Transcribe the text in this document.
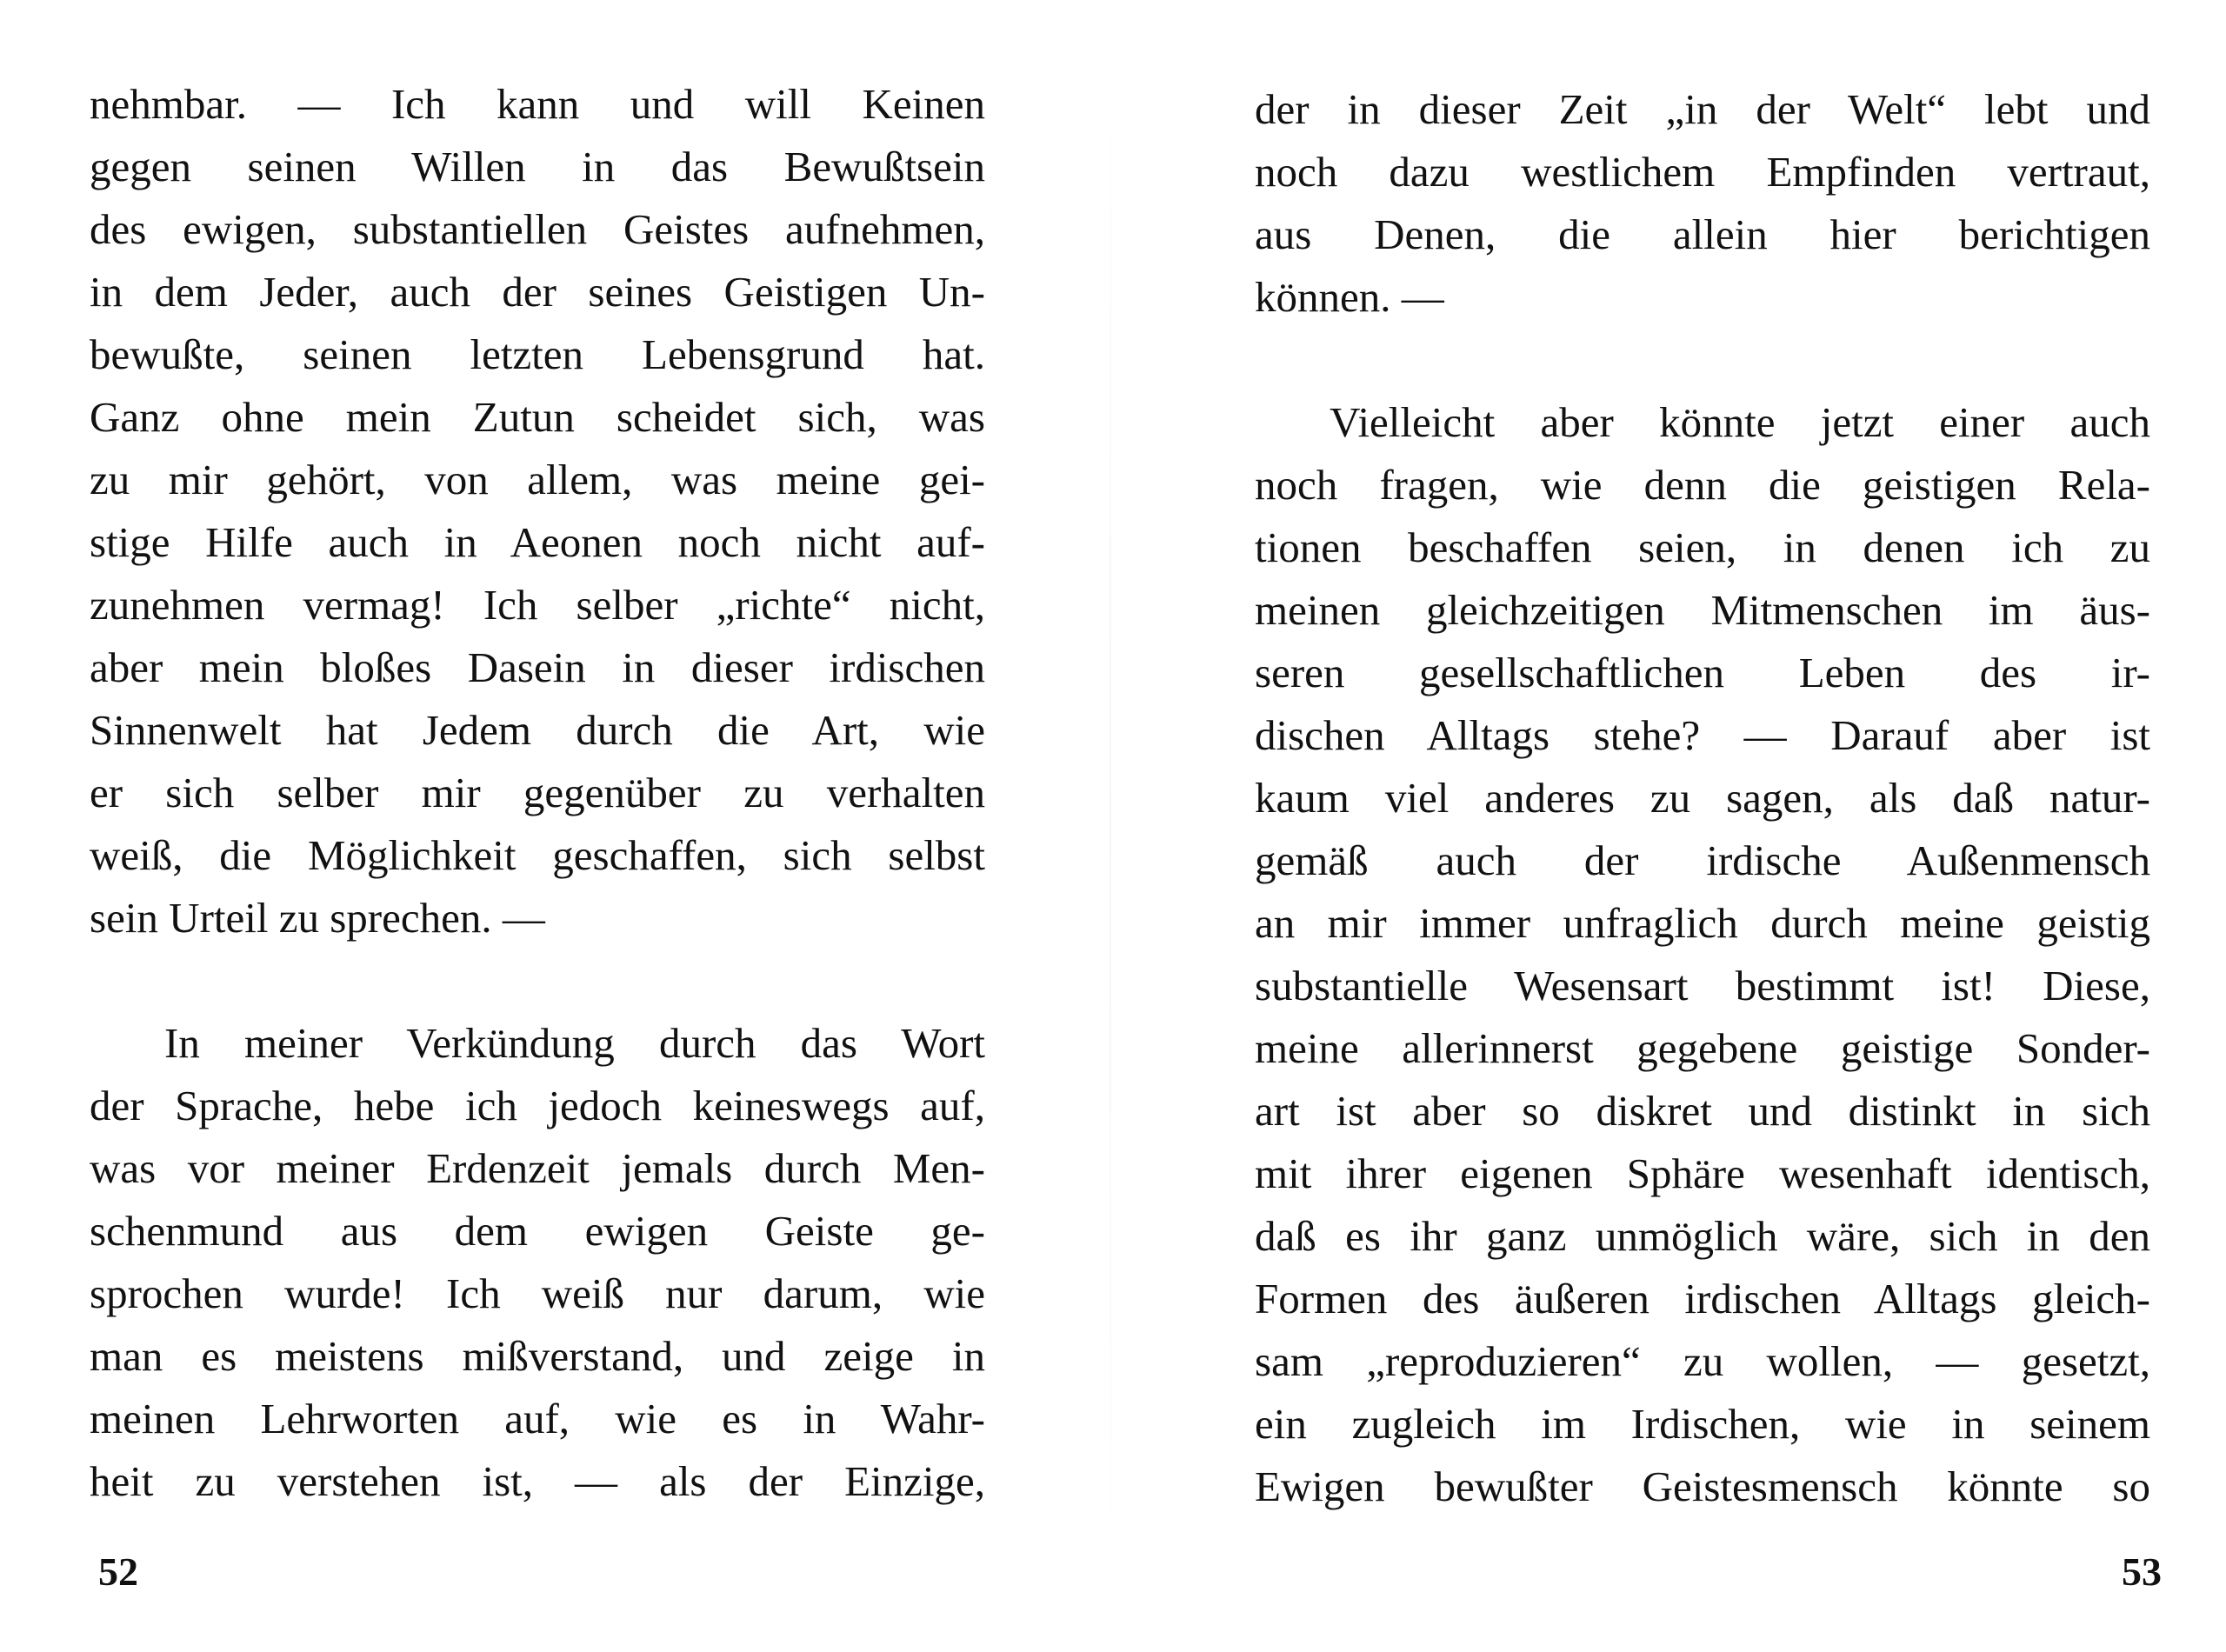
nehmbar. — Ich kann und will Keinen
gegen seinen Willen in das Bewußtsein
des ewigen, substantiellen Geistes aufnehmen,
in dem Jeder, auch der seines Geistigen Un-
bewußte, seinen letzten Lebensgrund hat.
Ganz ohne mein Zutun scheidet sich, was
zu mir gehört, von allem, was meine gei-
stige Hilfe auch in Aeonen noch nicht auf-
zunehmen vermag! Ich selber „richte“ nicht,
aber mein bloßes Dasein in dieser irdischen
Sinnenwelt hat Jedem durch die Art, wie
er sich selber mir gegenüber zu verhalten
weiß, die Möglichkeit geschaffen, sich selbst
sein Urteil zu sprechen. —
In meiner Verkündung durch das Wort
der Sprache, hebe ich jedoch keineswegs auf,
was vor meiner Erdenzeit jemals durch Men-
schenmund aus dem ewigen Geiste ge-
sprochen wurde! Ich weiß nur darum, wie
man es meistens mißverstand, und zeige in
meinen Lehrworten auf, wie es in Wahr-
heit zu verstehen ist, — als der Einzige,
52
der in dieser Zeit „in der Welt“ lebt und
noch dazu westlichem Empfinden vertraut,
aus Denen, die allein hier berichtigen
können. —
Vielleicht aber könnte jetzt einer auch
noch fragen, wie denn die geistigen Rela-
tionen beschaffen seien, in denen ich zu
meinen gleichzeitigen Mitmenschen im äus-
seren gesellschaftlichen Leben des ir-
dischen Alltags stehe? — Darauf aber ist
kaum viel anderes zu sagen, als daß natur-
gemäß auch der irdische Außenmensch
an mir immer unfraglich durch meine geistig
substantielle Wesensart bestimmt ist! Diese,
meine allerinnerst gegebene geistige Sonder-
art ist aber so diskret und distinkt in sich
mit ihrer eigenen Sphäre wesenhaft identisch,
daß es ihr ganz unmöglich wäre, sich in den
Formen des äußeren irdischen Alltags gleich-
sam „reproduzieren“ zu wollen, — gesetzt,
ein zugleich im Irdischen, wie in seinem
Ewigen bewußter Geistesmensch könnte so
53
